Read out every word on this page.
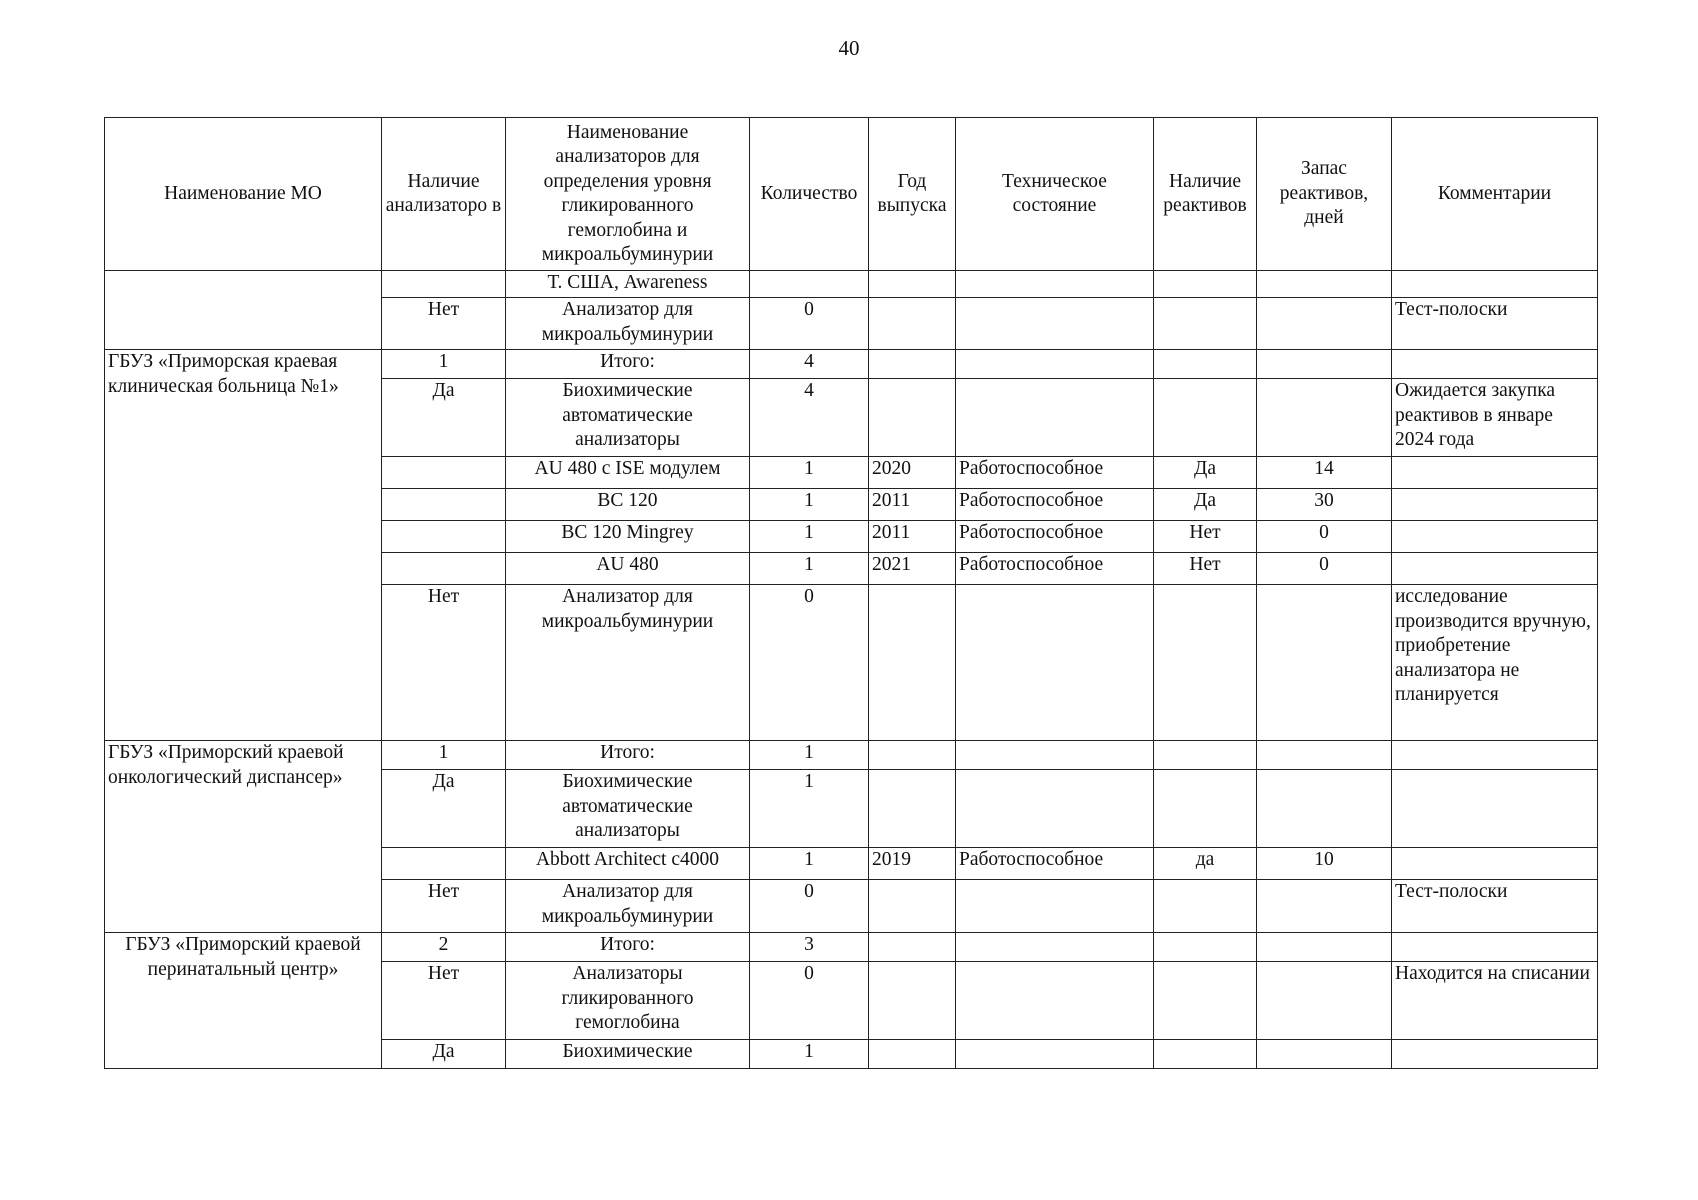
40
Наименование МО	Наличие анализаторо в	Наименование анализаторов для определения уровня гликированного гемоглобина и микроальбуминурии	Количество	Год выпуска	Техническое состояние	Наличие реактивов	Запас реактивов, дней	Комментарии
		Т. США, Awareness						
	Нет	Анализатор для микроальбуминурии	0					Тест-полоски
ГБУЗ «Приморская краевая клиническая больница №1»	1	Итого:	4					
	Да	Биохимические автоматические анализаторы	4					Ожидается закупка реактивов в январе 2024 года
		AU 480 с ISE модулем	1	2020	Работоспособное	Да	14	
		BC 120	1	2011	Работоспособное	Да	30	
		BC 120 Mingrey	1	2011	Работоспособное	Нет	0	
		AU 480	1	2021	Работоспособное	Нет	0	
	Нет	Анализатор для микроальбуминурии	0					исследование производится вручную, приобретение анализатора не планируется
ГБУЗ «Приморский краевой онкологический диспансер»	1	Итого:	1					
	Да	Биохимические автоматические анализаторы	1					
		Abbott Architect c4000	1	2019	Работоспособное	да	10	
	Нет	Анализатор для микроальбуминурии	0					Тест-полоски
ГБУЗ «Приморский краевой перинатальный центр»	2	Итого:	3					
	Нет	Анализаторы гликированного гемоглобина	0					Находится на списании
	Да	Биохимические	1					
